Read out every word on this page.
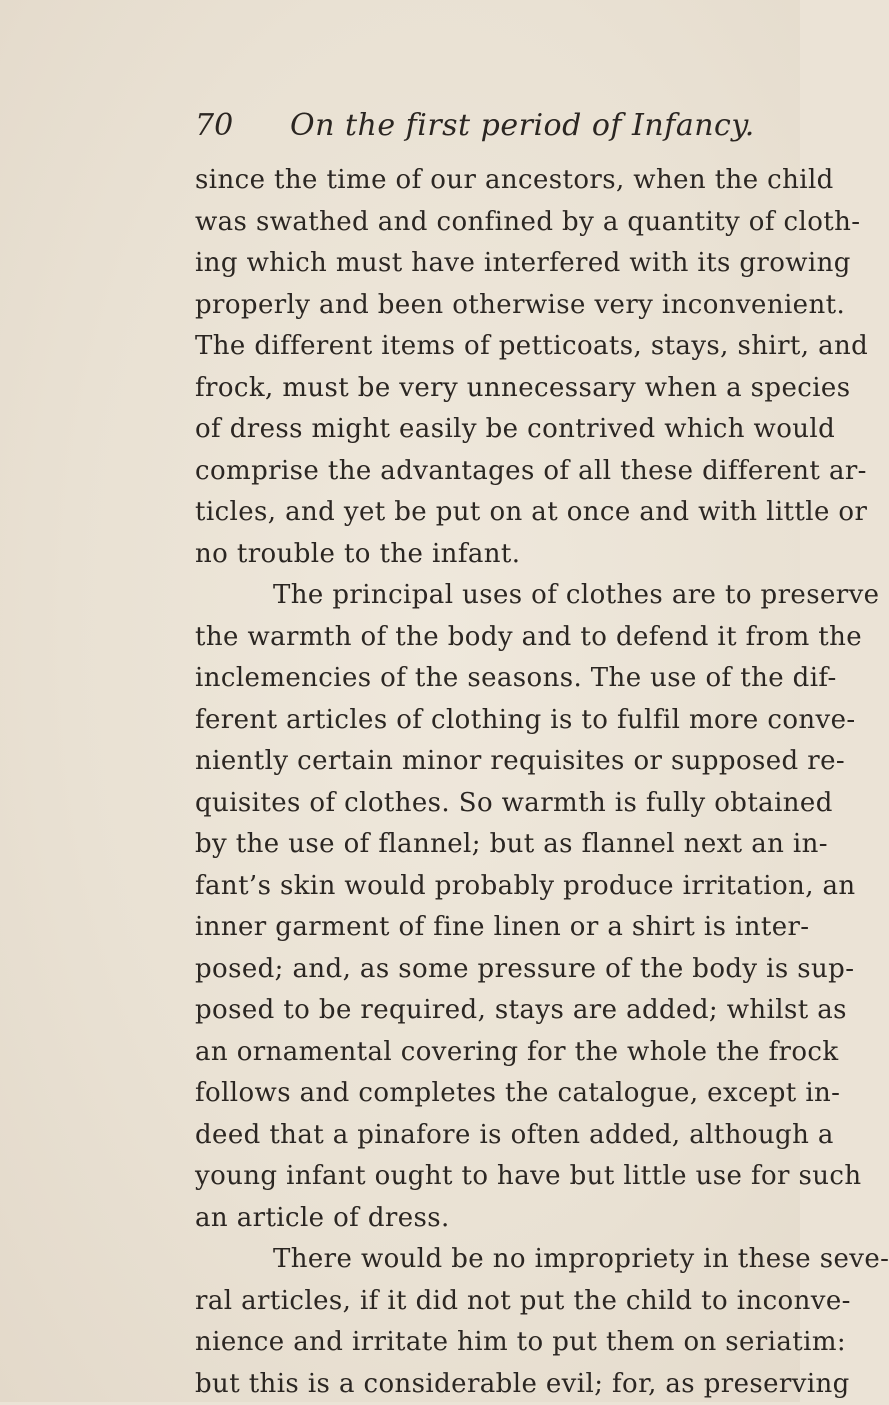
70 On the first period of Infancy.
since the time of our ancestors, when the child
was swathed and confined by a quantity of cloth-
ing which must have interfered with its growing
properly and been otherwise very inconvenient.
The different items of petticoats, stays, shirt, and
frock, must be very unnecessary when a species
of dress might easily be contrived which would
comprise the advantages of all these different ar-
ticles, and yet be put on at once and with little or
no trouble to the infant.
The principal uses of clothes are to preserve
the warmth of the body and to defend it from the
inclemencies of the seasons. The use of the dif-
ferent articles of clothing is to fulfil more conve-
niently certain minor requisites or supposed re-
quisites of clothes. So warmth is fully obtained
by the use of flannel; but as flannel next an in-
fant’s skin would probably produce irritation, an
inner garment of fine linen or a shirt is inter-
posed; and, as some pressure of the body is sup-
posed to be required, stays are added; whilst as
an ornamental covering for the whole the frock
follows and completes the catalogue, except in-
deed that a pinafore is often added, although a
young infant ought to have but little use for such
an article of dress.
There would be no impropriety in these seve-
ral articles, if it did not put the child to inconve-
nience and irritate him to put them on seriatim:
but this is a considerable evil; for, as preserving
